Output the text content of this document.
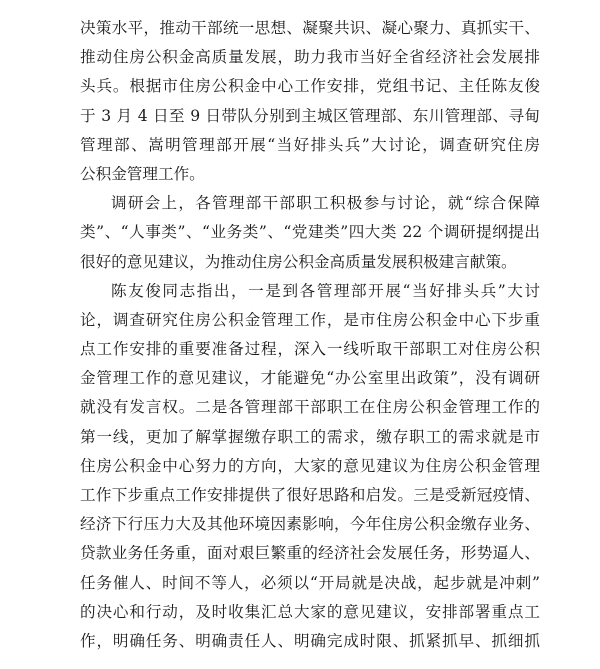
决策水平，推动干部统一思想、凝聚共识、凝心聚力、真抓实干、
推动住房公积金高质量发展，助力我市当好全省经济社会发展排
头兵。根据市住房公积金中心工作安排，党组书记、主任陈友俊
于 3 月 4 日至 9 日带队分别到主城区管理部、东川管理部、寻甸
管理部、嵩明管理部开展“当好排头兵”大讨论，调查研究住房
公积金管理工作。
调研会上，各管理部干部职工积极参与讨论，就“综合保障
类”、“人事类”、“业务类”、“党建类”四大类 22 个调研提纲提出
很好的意见建议，为推动住房公积金高质量发展积极建言献策。
陈友俊同志指出，一是到各管理部开展“当好排头兵”大讨
论，调查研究住房公积金管理工作，是市住房公积金中心下步重
点工作安排的重要准备过程，深入一线听取干部职工对住房公积
金管理工作的意见建议，才能避免“办公室里出政策”，没有调研
就没有发言权。二是各管理部干部职工在住房公积金管理工作的
第一线，更加了解掌握缴存职工的需求，缴存职工的需求就是市
住房公积金中心努力的方向，大家的意见建议为住房公积金管理
工作下步重点工作安排提供了很好思路和启发。三是受新冠疫情、
经济下行压力大及其他环境因素影响，今年住房公积金缴存业务、
贷款业务任务重，面对艰巨繁重的经济社会发展任务，形势逼人、
任务催人、时间不等人，必须以“开局就是决战，起步就是冲刺”
的决心和行动，及时收集汇总大家的意见建议，安排部署重点工
作，明确任务、明确责任人、明确完成时限、抓紧抓早、抓细抓
